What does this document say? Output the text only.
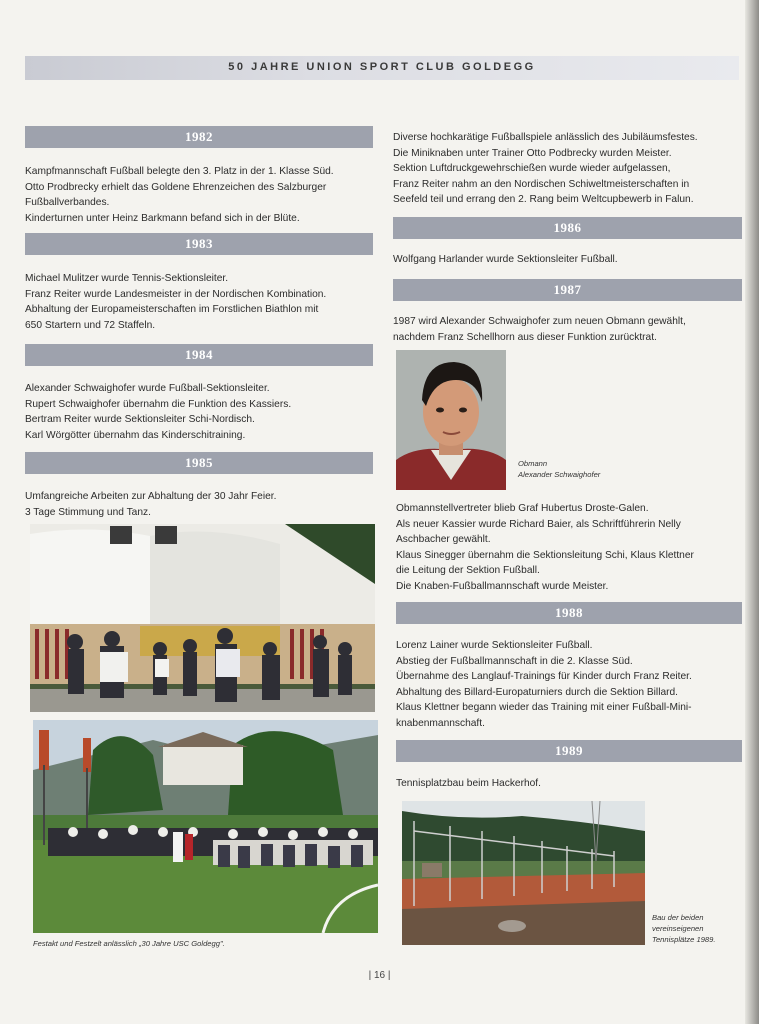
50 JAHRE UNION SPORT CLUB GOLDEGG
1982
Kampfmannschaft Fußball belegte den 3. Platz in der 1. Klasse Süd.
Otto Prodbrecky erhielt das Goldene Ehrenzeichen des Salzburger
Fußballverbandes.
Kinderturnen unter Heinz Barkmann befand sich in der Blüte.
1983
Michael Mulitzer wurde Tennis-Sektionsleiter.
Franz Reiter wurde Landesmeister in der Nordischen Kombination.
Abhaltung der Europameisterschaften im Forstlichen Biathlon mit
650 Startern und 72 Staffeln.
1984
Alexander Schwaighofer wurde Fußball-Sektionsleiter.
Rupert Schwaighofer übernahm die Funktion des Kassiers.
Bertram Reiter wurde Sektionsleiter Schi-Nordisch.
Karl Wörgötter übernahm das Kinderschitraining.
1985
Umfangreiche Arbeiten zur Abhaltung der 30 Jahr Feier.
3 Tage Stimmung und Tanz.
Festakt und Festzelt anlässlich „30 Jahre USC Goldegg".
Diverse hochkarätige Fußballspiele anlässlich des Jubiläumsfestes.
Die Miniknaben unter Trainer Otto Podbrecky wurden Meister.
Sektion Luftdruckgewehrschießen wurde wieder aufgelassen,
Franz Reiter nahm an den Nordischen Schiweltmeisterschaften in
Seefeld teil und errang den 2. Rang beim Weltcupbewerb in Falun.
1986
Wolfgang Harlander wurde Sektionsleiter Fußball.
1987
1987 wird Alexander Schwaighofer zum neuen Obmann gewählt,
nachdem Franz Schellhorn aus dieser Funktion zurücktrat.
Obmann
Alexander Schwaighofer
Obmannstellvertreter blieb Graf Hubertus Droste-Galen.
Als neuer Kassier wurde Richard Baier, als Schriftführerin Nelly
Aschbacher gewählt.
Klaus Sinegger übernahm die Sektionsleitung Schi, Klaus Klettner
die Leitung der Sektion Fußball.
Die Knaben-Fußballmannschaft wurde Meister.
1988
Lorenz Lainer wurde Sektionsleiter Fußball.
Abstieg der Fußballmannschaft in die 2. Klasse Süd.
Übernahme des Langlauf-Trainings für Kinder durch Franz Reiter.
Abhaltung des Billard-Europaturniers durch die Sektion Billard.
Klaus Klettner begann wieder das Training mit einer Fußball-Mini-
knabenmannschaft.
1989
Tennisplatzbau beim Hackerhof.
Bau der beiden
vereinseigenen
Tennisplätze 1989.
| 16 |
